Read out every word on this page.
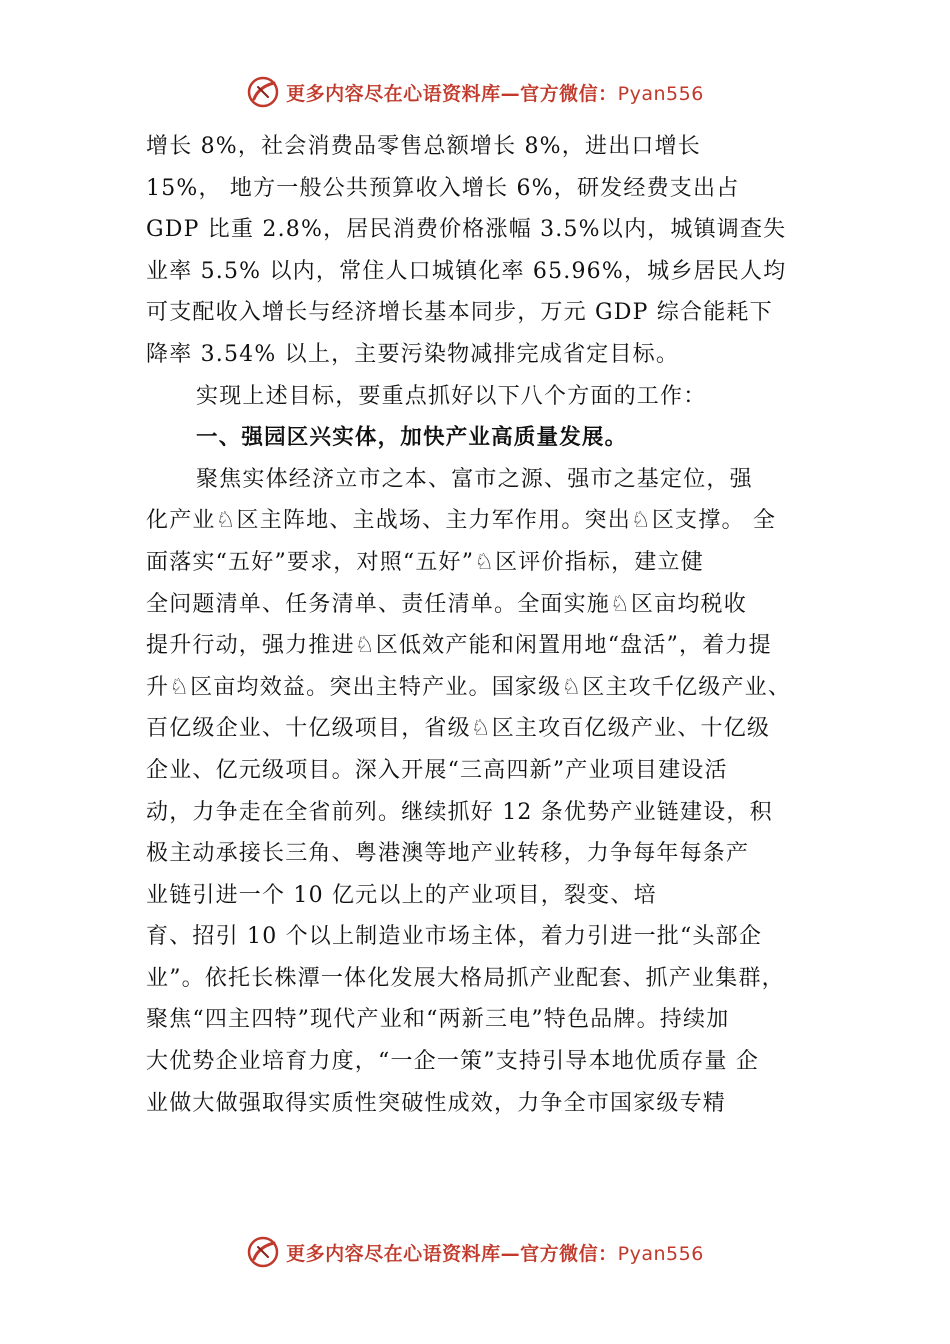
更多内容尽在心语资料库—官方微信：Pyan556
增长 8%，社会消费品零售总额增长 8%，进出口增长
15%， 地方一般公共预算收入增长 6%，研发经费支出占
GDP 比重 2.8%，居民消费价格涨幅 3.5%以内，城镇调查失
业率 5.5% 以内，常住人口城镇化率 65.96%，城乡居民人均
可支配收入增长与经济增长基本同步，万元 GDP 综合能耗下
降率 3.54% 以上，主要污染物减排完成省定目标。
实现上述目标，要重点抓好以下八个方面的工作：
一、强园区兴实体，加快产业高质量发展。
聚焦实体经济立市之本、富市之源、强市之基定位，强
化产业♘区主阵地、主战场、主力军作用。突出♘区支撑。 全
面落实“五好”要求，对照“五好”♘区评价指标，建立健
全问题清单、任务清单、责任清单。全面实施♘区亩均税收
提升行动，强力推进♘区低效产能和闲置用地“盘活”，着力提
升♘区亩均效益。突出主特产业。国家级♘区主攻千亿级产业、
百亿级企业、十亿级项目，省级♘区主攻百亿级产业、十亿级
企业、亿元级项目。深入开展“三高四新”产业项目建设活
动，力争走在全省前列。继续抓好 12 条优势产业链建设，积
极主动承接长三角、粤港澳等地产业转移，力争每年每条产
业链引进一个 10 亿元以上的产业项目，裂变、培
育、招引 10 个以上制造业市场主体，着力引进一批“头部企
业”。依托长株潭一体化发展大格局抓产业配套、抓产业集群，
聚焦“四主四特”现代产业和“两新三电”特色品牌。持续加
大优势企业培育力度，“一企一策”支持引导本地优质存量 企
业做大做强取得实质性突破性成效，力争全市国家级专精
更多内容尽在心语资料库—官方微信：Pyan556
